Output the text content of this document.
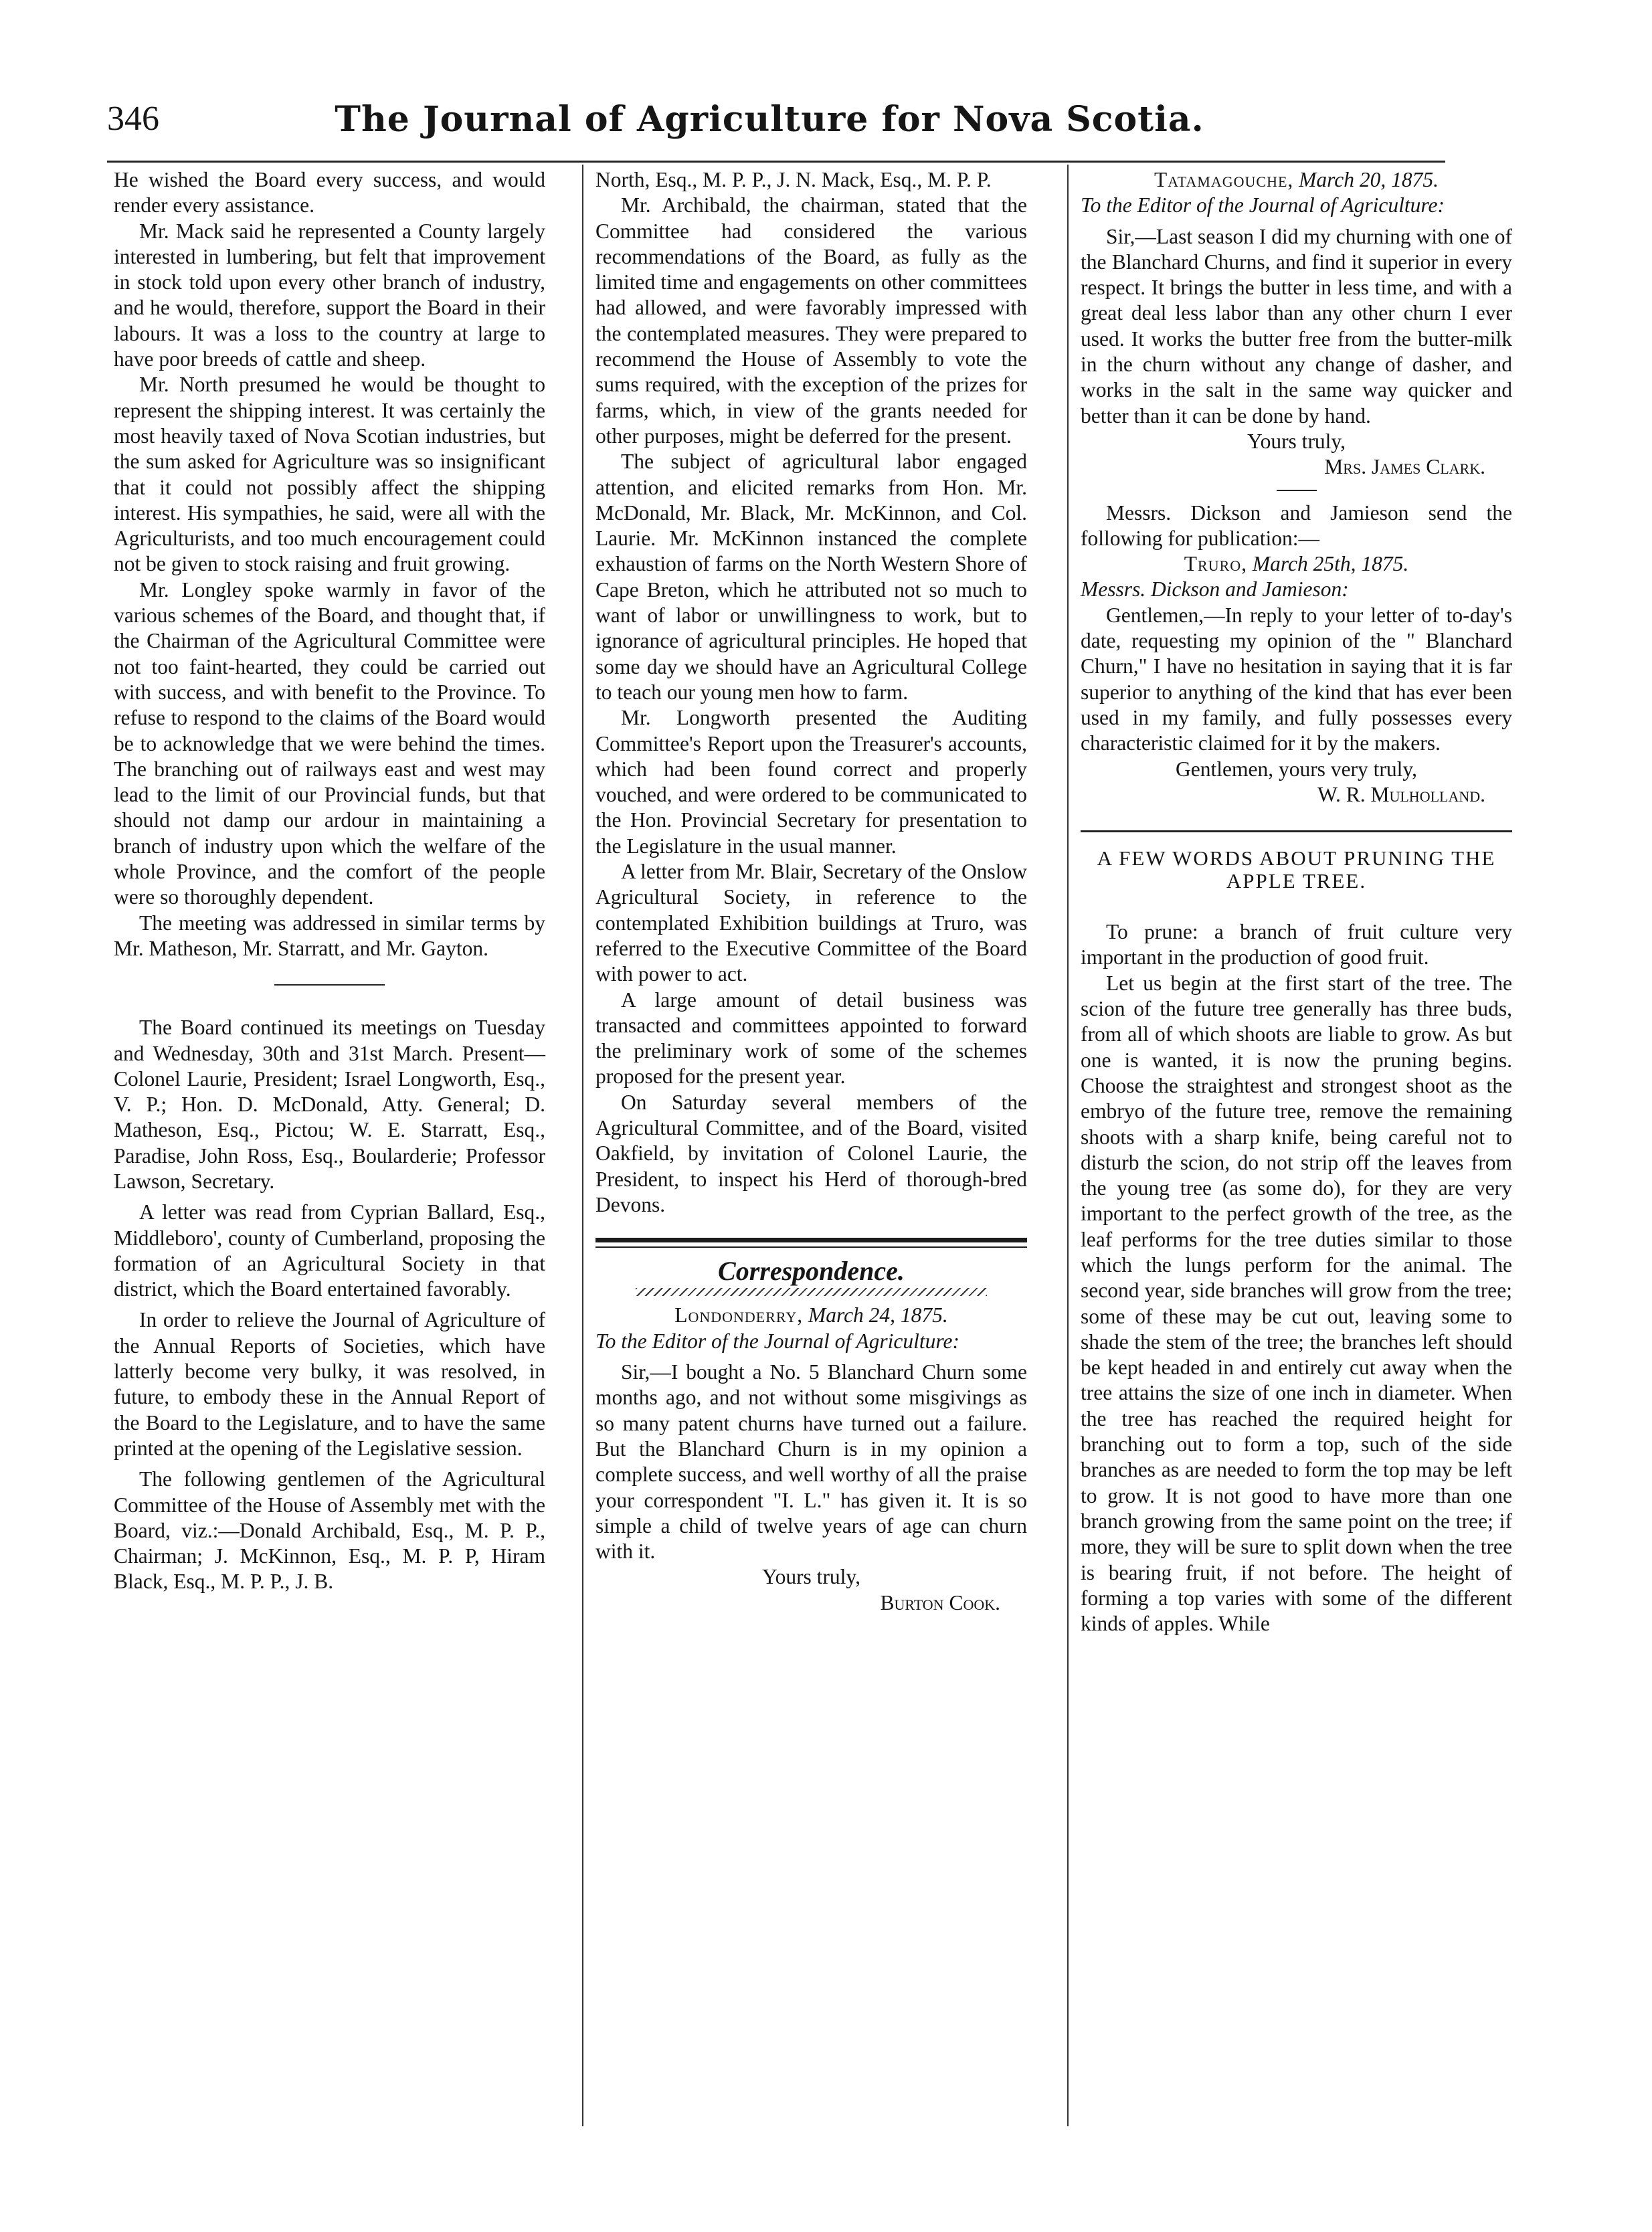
346	The Journal of Agriculture for Nova Scotia.

He wished the Board every success, and would render every assistance.

Mr. Mack said he represented a County largely interested in lumbering, but felt that improvement in stock told upon every other branch of industry, and he would, therefore, support the Board in their labours. It was a loss to the country at large to have poor breeds of cattle and sheep.

Mr. North presumed he would be thought to represent the shipping interest. It was certainly the most heavily taxed of Nova Scotian industries, but the sum asked for Agriculture was so insignificant that it could not possibly affect the shipping interest. His sympathies, he said, were all with the Agriculturists, and too much encouragement could not be given to stock raising and fruit growing.

Mr. Longley spoke warmly in favor of the various schemes of the Board, and thought that, if the Chairman of the Agricultural Committee were not too faint-hearted, they could be carried out with success, and with benefit to the Province. To refuse to respond to the claims of the Board would be to acknowledge that we were behind the times. The branching out of railways east and west may lead to the limit of our Provincial funds, but that should not damp our ardour in maintaining a branch of industry upon which the welfare of the whole Province, and the comfort of the people were so thoroughly dependent.

The meeting was addressed in similar terms by Mr. Matheson, Mr. Starratt, and Mr. Gayton.

The Board continued its meetings on Tuesday and Wednesday, 30th and 31st March. Present—Colonel Laurie, President; Israel Longworth, Esq., V. P.; Hon. D. McDonald, Atty. General; D. Matheson, Esq., Pictou; W. E. Starratt, Esq., Paradise, John Ross, Esq., Boularderie; Professor Lawson, Secretary.

A letter was read from Cyprian Ballard, Esq., Middleboro', county of Cumberland, proposing the formation of an Agricultural Society in that district, which the Board entertained favorably.

In order to relieve the Journal of Agriculture of the Annual Reports of Societies, which have latterly become very bulky, it was resolved, in future, to embody these in the Annual Report of the Board to the Legislature, and to have the same printed at the opening of the Legislative session.

The following gentlemen of the Agricultural Committee of the House of Assembly met with the Board, viz.:—Donald Archibald, Esq., M. P. P., Chairman; J. McKinnon, Esq., M. P. P, Hiram Black, Esq., M. P. P., J. B.

North, Esq., M. P. P., J. N. Mack, Esq., M. P. P.

Mr. Archibald, the chairman, stated that the Committee had considered the various recommendations of the Board, as fully as the limited time and engagements on other committees had allowed, and were favorably impressed with the contemplated measures. They were prepared to recommend the House of Assembly to vote the sums required, with the exception of the prizes for farms, which, in view of the grants needed for other purposes, might be deferred for the present.

The subject of agricultural labor engaged attention, and elicited remarks from Hon. Mr. McDonald, Mr. Black, Mr. McKinnon, and Col. Laurie. Mr. McKinnon instanced the complete exhaustion of farms on the North Western Shore of Cape Breton, which he attributed not so much to want of labor or unwillingness to work, but to ignorance of agricultural principles. He hoped that some day we should have an Agricultural College to teach our young men how to farm.

Mr. Longworth presented the Auditing Committee's Report upon the Treasurer's accounts, which had been found correct and properly vouched, and were ordered to be communicated to the Hon. Provincial Secretary for presentation to the Legislature in the usual manner.

A letter from Mr. Blair, Secretary of the Onslow Agricultural Society, in reference to the contemplated Exhibition buildings at Truro, was referred to the Executive Committee of the Board with power to act.

A large amount of detail business was transacted and committees appointed to forward the preliminary work of some of the schemes proposed for the present year.

On Saturday several members of the Agricultural Committee, and of the Board, visited Oakfield, by invitation of Colonel Laurie, the President, to inspect his Herd of thorough-bred Devons.

Correspondence.

Londonderry, March 24, 1875.

To the Editor of the Journal of Agriculture:

Sir,—I bought a No. 5 Blanchard Churn some months ago, and not without some misgivings as so many patent churns have turned out a failure. But the Blanchard Churn is in my opinion a complete success, and well worthy of all the praise your correspondent "I. L." has given it. It is so simple a child of twelve years of age can churn with it.

Yours truly,

Burton Cook.

Tatamagouche, March 20, 1875.

To the Editor of the Journal of Agriculture:

Sir,—Last season I did my churning with one of the Blanchard Churns, and find it superior in every respect. It brings the butter in less time, and with a great deal less labor than any other churn I ever used. It works the butter free from the butter-milk in the churn without any change of dasher, and works in the salt in the same way quicker and better than it can be done by hand.

Yours truly,

Mrs. James Clark.

Messrs. Dickson and Jamieson send the following for publication:—

Truro, March 25th, 1875.

Messrs. Dickson and Jamieson:

Gentlemen,—In reply to your letter of to-day's date, requesting my opinion of the " Blanchard Churn," I have no hesitation in saying that it is far superior to anything of the kind that has ever been used in my family, and fully possesses every characteristic claimed for it by the makers.

Gentlemen, yours very truly,

W. R. Mulholland.

A FEW WORDS ABOUT PRUNING THE APPLE TREE.

To prune: a branch of fruit culture very important in the production of good fruit.

Let us begin at the first start of the tree. The scion of the future tree generally has three buds, from all of which shoots are liable to grow. As but one is wanted, it is now the pruning begins. Choose the straightest and strongest shoot as the embryo of the future tree, remove the remaining shoots with a sharp knife, being careful not to disturb the scion, do not strip off the leaves from the young tree (as some do), for they are very important to the perfect growth of the tree, as the leaf performs for the tree duties similar to those which the lungs perform for the animal. The second year, side branches will grow from the tree; some of these may be cut out, leaving some to shade the stem of the tree; the branches left should be kept headed in and entirely cut away when the tree attains the size of one inch in diameter. When the tree has reached the required height for branching out to form a top, such of the side branches as are needed to form the top may be left to grow. It is not good to have more than one branch growing from the same point on the tree; if more, they will be sure to split down when the tree is bearing fruit, if not before. The height of forming a top varies with some of the different kinds of apples. While
